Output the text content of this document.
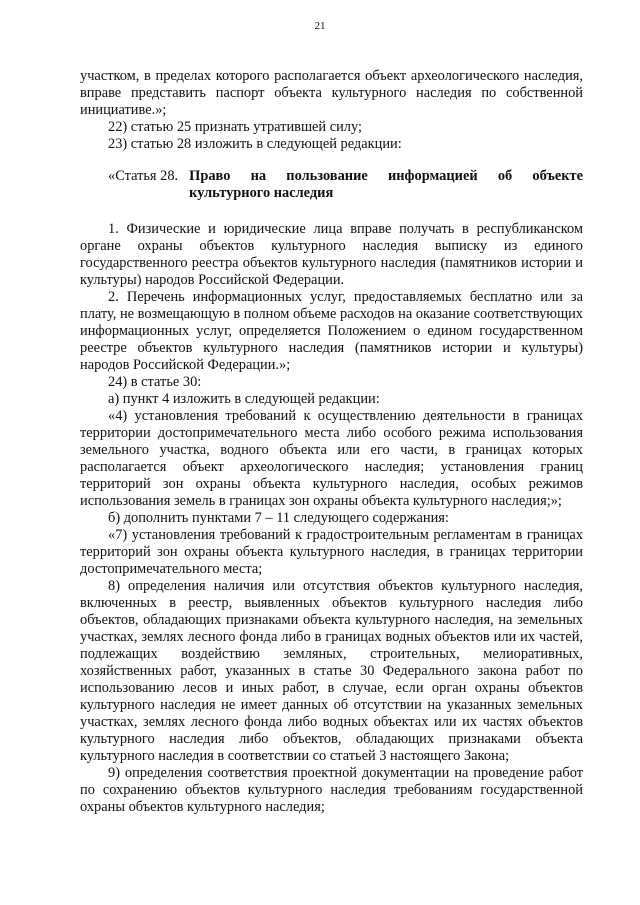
21

участком, в пределах которого располагается объект археологического наследия, вправе представить паспорт объекта культурного наследия по собственной инициативе.»;

22) статью 25 признать утратившей силу;

23) статью 28 изложить в следующей редакции:

«Статья 28. Право на пользование информацией об объекте культурного наследия

1. Физические и юридические лица вправе получать в республиканском органе охраны объектов культурного наследия выписку из единого государственного реестра объектов культурного наследия (памятников истории и культуры) народов Российской Федерации.

2. Перечень информационных услуг, предоставляемых бесплатно или за плату, не возмещающую в полном объеме расходов на оказание соответствующих информационных услуг, определяется Положением о едином государственном реестре объектов культурного наследия (памятников истории и культуры) народов Российской Федерации.»;

24) в статье 30:

а) пункт 4 изложить в следующей редакции:

«4) установления требований к осуществлению деятельности в границах территории достопримечательного места либо особого режима использования земельного участка, водного объекта или его части, в границах которых располагается объект археологического наследия; установления границ территорий зон охраны объекта культурного наследия, особых режимов использования земель в границах зон охраны объекта культурного наследия;»;

б) дополнить пунктами 7 – 11 следующего содержания:

«7) установления требований к градостроительным регламентам в границах территорий зон охраны объекта культурного наследия, в границах территории достопримечательного места;

8) определения наличия или отсутствия объектов культурного наследия, включенных в реестр, выявленных объектов культурного наследия либо объектов, обладающих признаками объекта культурного наследия, на земельных участках, землях лесного фонда либо в границах водных объектов или их частей, подлежащих воздействию земляных, строительных, мелиоративных, хозяйственных работ, указанных в статье 30 Федерального закона работ по использованию лесов и иных работ, в случае, если орган охраны объектов культурного наследия не имеет данных об отсутствии на указанных земельных участках, землях лесного фонда либо водных объектах или их частях объектов культурного наследия либо объектов, обладающих признаками объекта культурного наследия в соответствии со статьей 3 настоящего Закона;

9) определения соответствия проектной документации на проведение работ по сохранению объектов культурного наследия требованиям государственной охраны объектов культурного наследия;
